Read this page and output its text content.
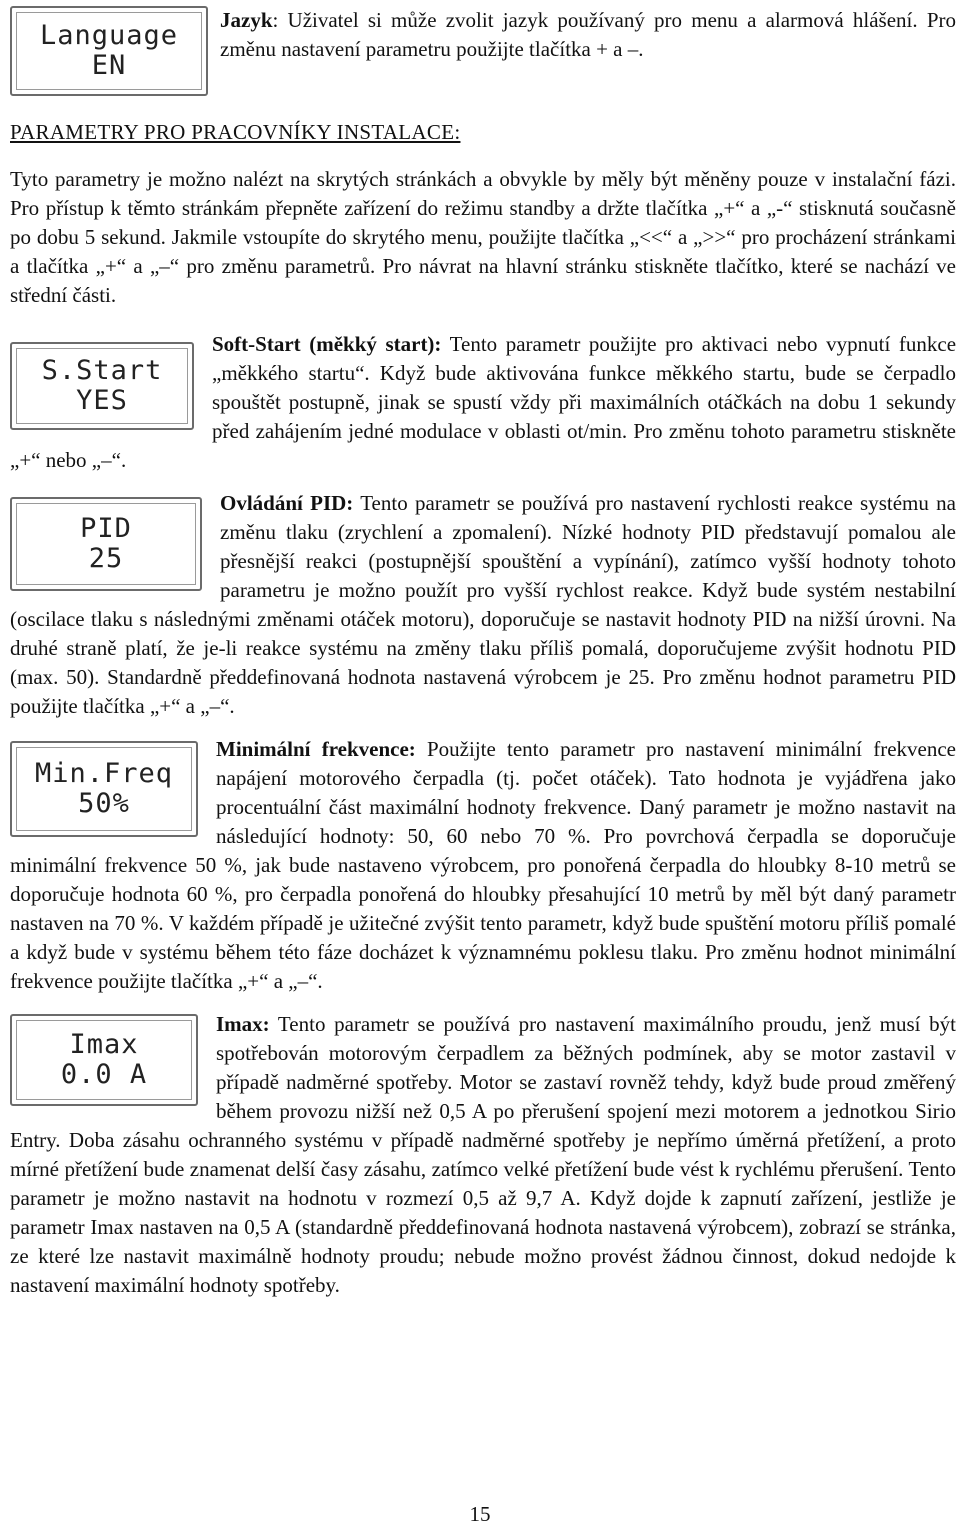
Language
EN

Jazyk: Uživatel si může zvolit jazyk používaný pro menu a alarmová hlášení. Pro změnu nastavení parametru použijte tlačítka + a –.

PARAMETRY PRO PRACOVNÍKY INSTALACE:

Tyto parametry je možno nalézt na skrytých stránkách a obvykle by měly být měněny pouze v instalační fázi. Pro přístup k těmto stránkám přepněte zařízení do režimu standby a držte tlačítka „+“ a „-“ stisknutá současně po dobu 5 sekund. Jakmile vstoupíte do skrytého menu, použijte tlačítka „<<“ a „>>“ pro procházení stránkami a tlačítka „+“ a „–“ pro změnu parametrů. Pro návrat na hlavní stránku stiskněte tlačítko, které se nachází ve střední části.

S.Start
YES

Soft-Start (měkký start): Tento parametr použijte pro aktivaci nebo vypnutí funkce „měkkého startu“. Když bude aktivována funkce měkkého startu, bude se čerpadlo spouštět postupně, jinak se spustí vždy při maximálních otáčkách na dobu 1 sekundy před zahájením jedné modulace v oblasti ot/min. Pro změnu tohoto parametru stiskněte „+“ nebo „–“.

PID
25

Ovládání PID: Tento parametr se používá pro nastavení rychlosti reakce systému na změnu tlaku (zrychlení a zpomalení). Nízké hodnoty PID představují pomalou ale přesnější reakci (postupnější spouštění a vypínání), zatímco vyšší hodnoty tohoto parametru je možno použít pro vyšší rychlost reakce. Když bude systém nestabilní (oscilace tlaku s následnými změnami otáček motoru), doporučuje se nastavit hodnoty PID na nižší úrovni. Na druhé straně platí, že je-li reakce systému na změny tlaku příliš pomalá, doporučujeme zvýšit hodnotu PID (max. 50). Standardně předdefinovaná hodnota nastavená výrobcem je 25. Pro změnu hodnot parametru PID použijte tlačítka „+“ a „–“.

Min.Freq
50%

Minimální frekvence: Použijte tento parametr pro nastavení minimální frekvence napájení motorového čerpadla (tj. počet otáček). Tato hodnota je vyjádřena jako procentuální část maximální hodnoty frekvence. Daný parametr je možno nastavit na následující hodnoty: 50, 60 nebo 70 %. Pro povrchová čerpadla se doporučuje minimální frekvence 50 %, jak bude nastaveno výrobcem, pro ponořená čerpadla do hloubky 8-10 metrů se doporučuje hodnota 60 %, pro čerpadla ponořená do hloubky přesahující 10 metrů by měl být daný parametr nastaven na 70 %. V každém případě je užitečné zvýšit tento parametr, když bude spuštění motoru příliš pomalé a když bude v systému během této fáze docházet k významnému poklesu tlaku. Pro změnu hodnot minimální frekvence použijte tlačítka „+“ a „–“.

Imax
0.0 A

Imax: Tento parametr se používá pro nastavení maximálního proudu, jenž musí být spotřebován motorovým čerpadlem za běžných podmínek, aby se motor zastavil v případě nadměrné spotřeby. Motor se zastaví rovněž tehdy, když bude proud změřený během provozu nižší než 0,5 A po přerušení spojení mezi motorem a jednotkou Sirio Entry. Doba zásahu ochranného systému v případě nadměrné spotřeby je nepřímo úměrná přetížení, a proto mírné přetížení bude znamenat delší časy zásahu, zatímco velké přetížení bude vést k rychlému přerušení. Tento parametr je možno nastavit na hodnotu v rozmezí 0,5 až 9,7 A. Když dojde k zapnutí zařízení, jestliže je parametr Imax nastaven na 0,5 A (standardně předdefinovaná hodnota nastavená výrobcem), zobrazí se stránka, ze které lze nastavit maximálně hodnoty proudu; nebude možno provést žádnou činnost, dokud nedojde k nastavení maximální hodnoty spotřeby.

15
